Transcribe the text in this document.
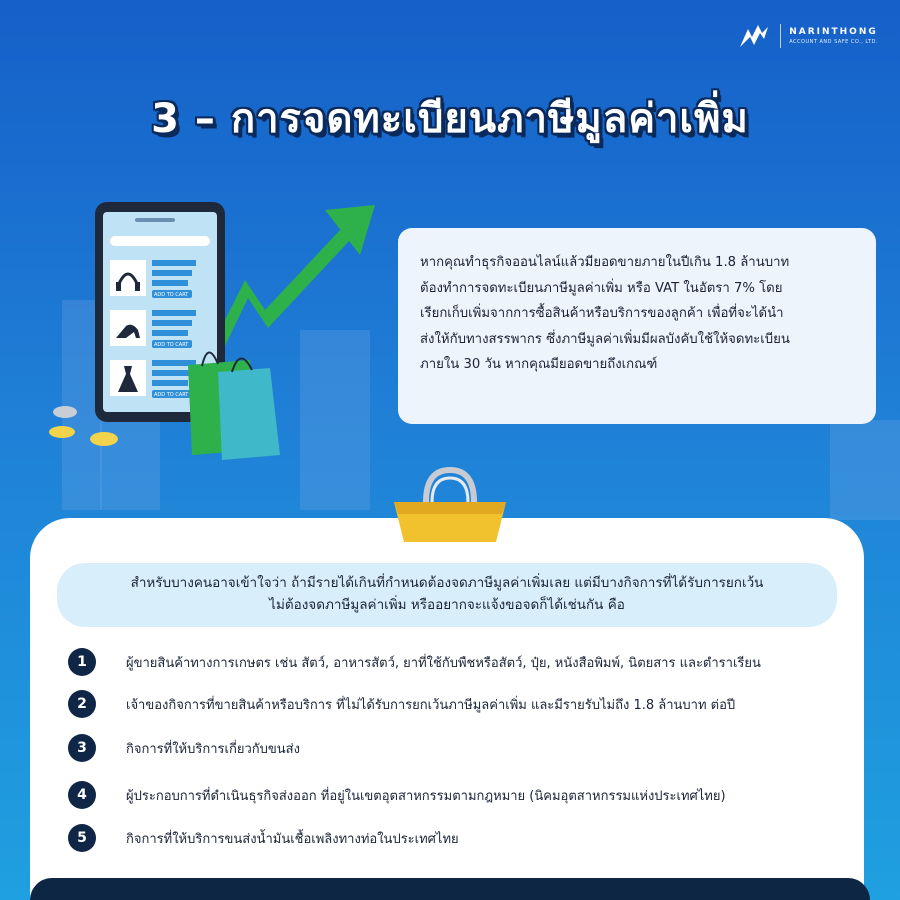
NARINTHONG
ACCOUNT AND SAFE CO., LTD.
3 – การจดทะเบียนภาษีมูลค่าเพิ่ม
ADD TO CART
ADD TO CART
ADD TO CART

หากคุณทำธุรกิจออนไลน์แล้วมียอดขายภายในปีเกิน 1.8 ล้านบาท

ต้องทำการจดทะเบียนภาษีมูลค่าเพิ่ม หรือ VAT ในอัตรา 7% โดย

เรียกเก็บเพิ่มจากการซื้อสินค้าหรือบริการของลูกค้า เพื่อที่จะได้นำ

ส่งให้กับทางสรรพากร ซึ่งภาษีมูลค่าเพิ่มมีผลบังคับใช้ให้จดทะเบียน

ภายใน 30 วัน หากคุณมียอดขายถึงเกณฑ์

สำหรับบางคนอาจเข้าใจว่า ถ้ามีรายได้เกินที่กำหนดต้องจดภาษีมูลค่าเพิ่มเลย แต่มีบางกิจการที่ได้รับการยกเว้น
ไม่ต้องจดภาษีมูลค่าเพิ่ม หรืออยากจะแจ้งขอจดก็ได้เช่นกัน คือ
1	ผู้ขายสินค้าทางการเกษตร เช่น สัตว์, อาหารสัตว์, ยาที่ใช้กับพืชหรือสัตว์, ปุ๋ย, หนังสือพิมพ์, นิตยสาร และตำราเรียน
2	เจ้าของกิจการที่ขายสินค้าหรือบริการ ที่ไม่ได้รับการยกเว้นภาษีมูลค่าเพิ่ม และมีรายรับไม่ถึง 1.8 ล้านบาท ต่อปี
3	กิจการที่ให้บริการเกี่ยวกับขนส่ง
4	ผู้ประกอบการที่ดำเนินธุรกิจส่งออก ที่อยู่ในเขตอุตสาหกรรมตามกฎหมาย (นิคมอุตสาหกรรมแห่งประเทศไทย)
5	กิจการที่ให้บริการขนส่งน้ำมันเชื้อเพลิงทางท่อในประเทศไทย
